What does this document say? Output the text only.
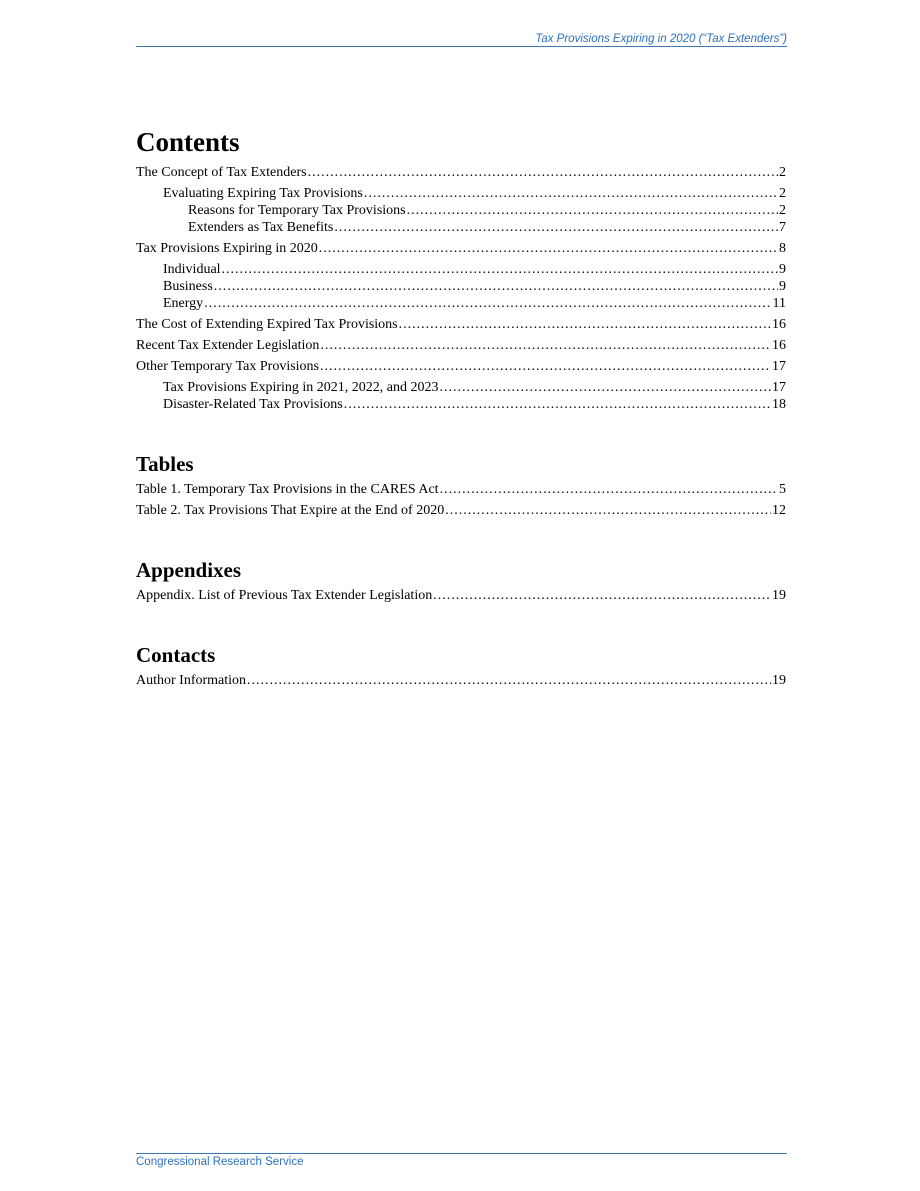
Tax Provisions Expiring in 2020 (“Tax Extenders”)
Contents
The Concept of Tax Extenders .....	2
Evaluating Expiring Tax Provisions .....	2
Reasons for Temporary Tax Provisions .....	2
Extenders as Tax Benefits .....	7
Tax Provisions Expiring in 2020 .....	8
Individual .....	9
Business .....	9
Energy .....	11
The Cost of Extending Expired Tax Provisions .....	16
Recent Tax Extender Legislation .....	16
Other Temporary Tax Provisions .....	17
Tax Provisions Expiring in 2021, 2022, and 2023 .....	17
Disaster-Related Tax Provisions .....	18
Tables
Table 1. Temporary Tax Provisions in the CARES Act .....	5
Table 2. Tax Provisions That Expire at the End of 2020 .....	12
Appendixes
Appendix. List of Previous Tax Extender Legislation .....	19
Contacts
Author Information .....	19
Congressional Research Service
